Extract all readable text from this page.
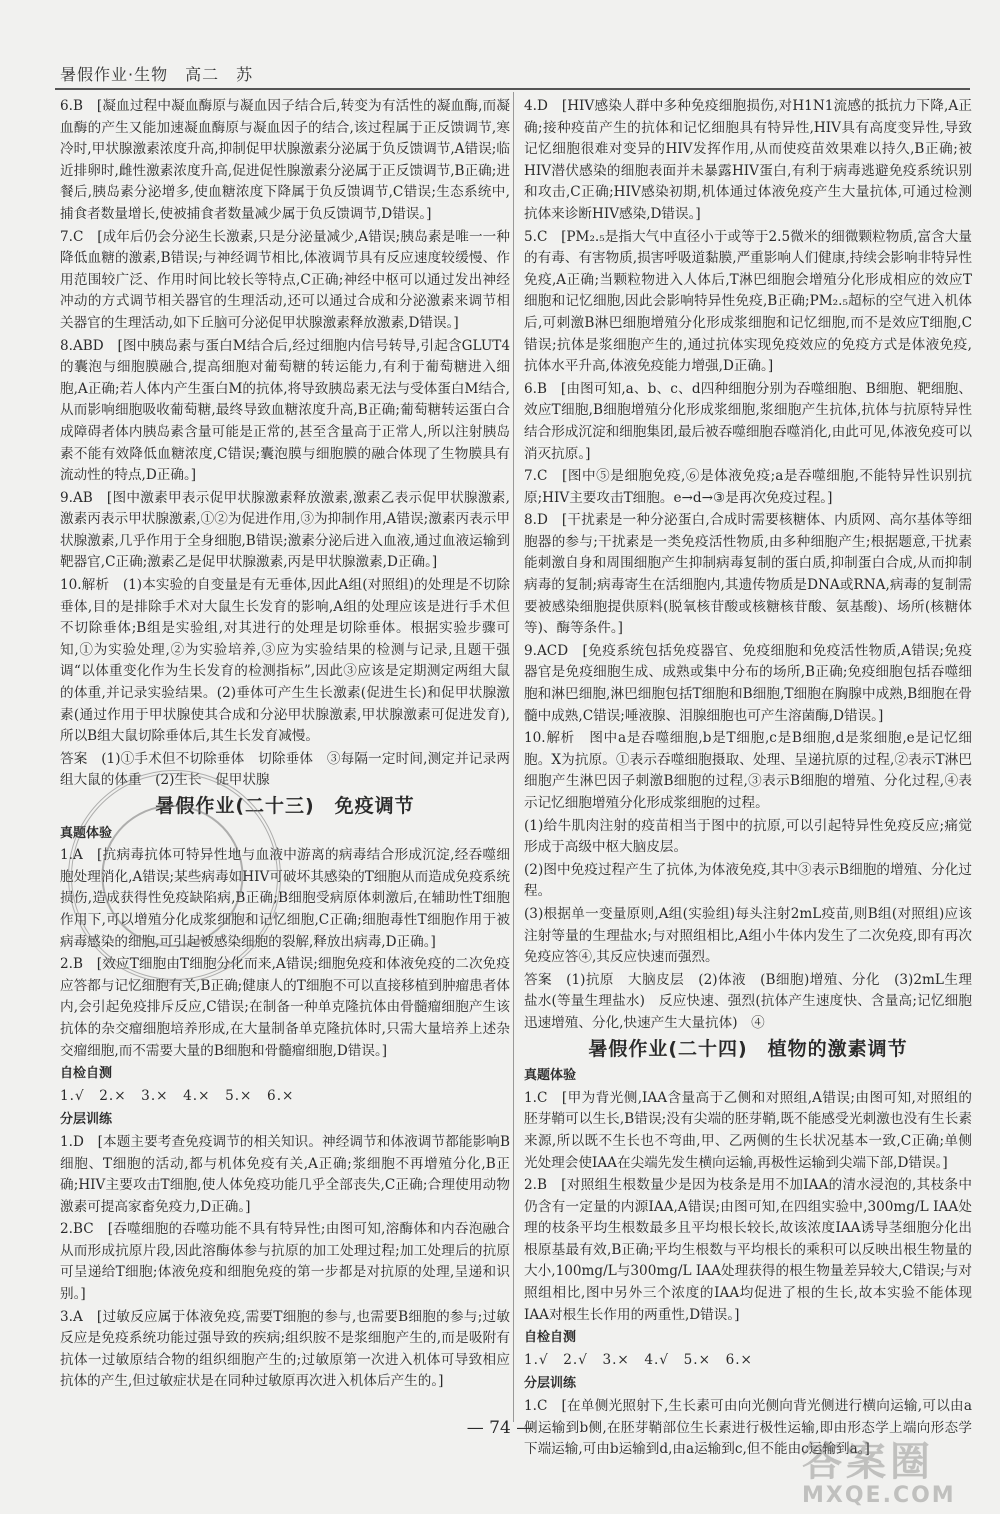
暑假作业·生物　高二　苏

6.B　[凝血过程中凝血酶原与凝血因子结合后,转变为有活性的凝血酶,而凝血酶的产生又能加速凝血酶原与凝血因子的结合,该过程属于正反馈调节,寒冷时,甲状腺激素浓度升高,抑制促甲状腺激素分泌属于负反馈调节,A错误;临近排卵时,雌性激素浓度升高,促进促性腺激素分泌属于正反馈调节,B正确;进餐后,胰岛素分泌增多,使血糖浓度下降属于负反馈调节,C错误;生态系统中,捕食者数量增长,使被捕食者数量减少属于负反馈调节,D错误。]

7.C　[成年后仍会分泌生长激素,只是分泌量减少,A错误;胰岛素是唯一一种降低血糖的激素,B错误;与神经调节相比,体液调节具有反应速度较缓慢、作用范围较广泛、作用时间比较长等特点,C正确;神经中枢可以通过发出神经冲动的方式调节相关器官的生理活动,还可以通过合成和分泌激素来调节相关器官的生理活动,如下丘脑可分泌促甲状腺激素释放激素,D错误。]

8.ABD　[图中胰岛素与蛋白M结合后,经过细胞内信号转导,引起含GLUT4的囊泡与细胞膜融合,提高细胞对葡萄糖的转运能力,有利于葡萄糖进入细胞,A正确;若人体内产生蛋白M的抗体,将导致胰岛素无法与受体蛋白M结合,从而影响细胞吸收葡萄糖,最终导致血糖浓度升高,B正确;葡萄糖转运蛋白合成障碍者体内胰岛素含量可能是正常的,甚至含量高于正常人,所以注射胰岛素不能有效降低血糖浓度,C错误;囊泡膜与细胞膜的融合体现了生物膜具有流动性的特点,D正确。]

9.AB　[图中激素甲表示促甲状腺激素释放激素,激素乙表示促甲状腺激素,激素丙表示甲状腺激素,①②为促进作用,③为抑制作用,A错误;激素丙表示甲状腺激素,几乎作用于全身细胞,B错误;激素分泌后进入血液,通过血液运输到靶器官,C正确;激素乙是促甲状腺激素,丙是甲状腺激素,D正确。]

10.解析　(1)本实验的自变量是有无垂体,因此A组(对照组)的处理是不切除垂体,目的是排除手术对大鼠生长发育的影响,A组的处理应该是进行手术但不切除垂体;B组是实验组,对其进行的处理是切除垂体。根据实验步骤可知,①为实验处理,②为实验培养,③应为实验结果的检测与记录,且题干强调“以体重变化作为生长发育的检测指标”,因此③应该是定期测定两组大鼠的体重,并记录实验结果。(2)垂体可产生生长激素(促进生长)和促甲状腺激素(通过作用于甲状腺使其合成和分泌甲状腺激素,甲状腺激素可促进发育),所以B组大鼠切除垂体后,其生长发育减慢。

答案　(1)①手术但不切除垂体　切除垂体　③每隔一定时间,测定并记录两组大鼠的体重　(2)生长　促甲状腺

暑假作业(二十三)　免疫调节
真题体验

1.A　[抗病毒抗体可特异性地与血液中游离的病毒结合形成沉淀,经吞噬细胞处理消化,A错误;某些病毒如HIV可破坏其感染的T细胞从而造成免疫系统损伤,造成获得性免疫缺陷病,B正确;B细胞受病原体刺激后,在辅助性T细胞作用下,可以增殖分化成浆细胞和记忆细胞,C正确;细胞毒性T细胞作用于被病毒感染的细胞,可引起被感染细胞的裂解,释放出病毒,D正确。]

2.B　[效应T细胞由T细胞分化而来,A错误;细胞免疫和体液免疫的二次免疫应答都与记忆细胞有关,B正确;健康人的T细胞不可以直接移植到肿瘤患者体内,会引起免疫排斥反应,C错误;在制备一种单克隆抗体由骨髓瘤细胞产生该抗体的杂交瘤细胞培养形成,在大量制备单克隆抗体时,只需大量培养上述杂交瘤细胞,而不需要大量的B细胞和骨髓瘤细胞,D错误。]

自检自测
1.√　2.×　3.×　4.×　5.×　6.×
分层训练

1.D　[本题主要考查免疫调节的相关知识。神经调节和体液调节都能影响B细胞、T细胞的活动,都与机体免疫有关,A正确;浆细胞不再增殖分化,B正确;HIV主要攻击T细胞,使人体免疫功能几乎全部丧失,C正确;合理使用动物激素可提高家畜免疫力,D正确。]

2.BC　[吞噬细胞的吞噬功能不具有特异性;由图可知,溶酶体和内吞泡融合从而形成抗原片段,因此溶酶体参与抗原的加工处理过程;加工处理后的抗原可呈递给T细胞;体液免疫和细胞免疫的第一步都是对抗原的处理,呈递和识别。]

3.A　[过敏反应属于体液免疫,需要T细胞的参与,也需要B细胞的参与;过敏反应是免疫系统功能过强导致的疾病;组织胺不是浆细胞产生的,而是吸附有抗体一过敏原结合物的组织细胞产生的;过敏原第一次进入机体可导致相应抗体的产生,但过敏症状是在同种过敏原再次进入机体后产生的。]

4.D　[HIV感染人群中多种免疫细胞损伤,对H1N1流感的抵抗力下降,A正确;接种疫苗产生的抗体和记忆细胞具有特异性,HIV具有高度变异性,导致记忆细胞很难对变异的HIV发挥作用,从而使疫苗效果难以持久,B正确;被HIV潜伏感染的细胞表面并未暴露HIV蛋白,有利于病毒逃避免疫系统识别和攻击,C正确;HIV感染初期,机体通过体液免疫产生大量抗体,可通过检测抗体来诊断HIV感染,D错误。]

5.C　[PM₂.₅是指大气中直径小于或等于2.5微米的细微颗粒物质,富含大量的有毒、有害物质,损害呼吸道黏膜,严重影响人们健康,持续会影响非特异性免疫,A正确;当颗粒物进入人体后,T淋巴细胞会增殖分化形成相应的效应T细胞和记忆细胞,因此会影响特异性免疫,B正确;PM₂.₅超标的空气进入机体后,可刺激B淋巴细胞增殖分化形成浆细胞和记忆细胞,而不是效应T细胞,C错误;抗体是浆细胞产生的,通过抗体实现免疫效应的免疫方式是体液免疫,抗体水平升高,体液免疫能力增强,D正确。]

6.B　[由图可知,a、b、c、d四种细胞分别为吞噬细胞、B细胞、靶细胞、效应T细胞,B细胞增殖分化形成浆细胞,浆细胞产生抗体,抗体与抗原特异性结合形成沉淀和细胞集团,最后被吞噬细胞吞噬消化,由此可见,体液免疫可以消灭抗原。]

7.C　[图中⑤是细胞免疫,⑥是体液免疫;a是吞噬细胞,不能特异性识别抗原;HIV主要攻击T细胞。e→d→③是再次免疫过程。]

8.D　[干扰素是一种分泌蛋白,合成时需要核糖体、内质网、高尔基体等细胞器的参与;干扰素是一类免疫活性物质,由多种细胞产生;根据题意,干扰素能刺激自身和周围细胞产生抑制病毒复制的蛋白质,抑制蛋白合成,从而抑制病毒的复制;病毒寄生在活细胞内,其遗传物质是DNA或RNA,病毒的复制需要被感染细胞提供原料(脱氧核苷酸或核糖核苷酸、氨基酸)、场所(核糖体等)、酶等条件。]

9.ACD　[免疫系统包括免疫器官、免疫细胞和免疫活性物质,A错误;免疫器官是免疫细胞生成、成熟或集中分布的场所,B正确;免疫细胞包括吞噬细胞和淋巴细胞,淋巴细胞包括T细胞和B细胞,T细胞在胸腺中成熟,B细胞在骨髓中成熟,C错误;唾液腺、泪腺细胞也可产生溶菌酶,D错误。]

10.解析　图中a是吞噬细胞,b是T细胞,c是B细胞,d是浆细胞,e是记忆细胞。X为抗原。①表示吞噬细胞摄取、处理、呈递抗原的过程,②表示T淋巴细胞产生淋巴因子刺激B细胞的过程,③表示B细胞的增殖、分化过程,④表示记忆细胞增殖分化形成浆细胞的过程。

(1)给牛肌肉注射的疫苗相当于图中的抗原,可以引起特异性免疫反应;痛觉形成于高级中枢大脑皮层。

(2)图中免疫过程产生了抗体,为体液免疫,其中③表示B细胞的增殖、分化过程。

(3)根据单一变量原则,A组(实验组)每头注射2mL疫苗,则B组(对照组)应该注射等量的生理盐水;与对照组相比,A组小牛体内发生了二次免疫,即有再次免疫应答④,其反应快速而强烈。

答案　(1)抗原　大脑皮层　(2)体液　(B细胞)增殖、分化　(3)2mL生理盐水(等量生理盐水)　反应快速、强烈(抗体产生速度快、含量高;记忆细胞迅速增殖、分化,快速产生大量抗体)　④

暑假作业(二十四)　植物的激素调节
真题体验

1.C　[甲为背光侧,IAA含量高于乙侧和对照组,A错误;由图可知,对照组的胚芽鞘可以生长,B错误;没有尖端的胚芽鞘,既不能感受光刺激也没有生长素来源,所以既不生长也不弯曲,甲、乙两侧的生长状况基本一致,C正确;单侧光处理会使IAA在尖端先发生横向运输,再极性运输到尖端下部,D错误。]

2.B　[对照组生根数量少是因为枝条是用不加IAA的清水浸泡的,其枝条中仍含有一定量的内源IAA,A错误;由图可知,在四组实验中,300mg/L IAA处理的枝条平均生根数最多且平均根长较长,故该浓度IAA诱导茎细胞分化出根原基最有效,B正确;平均生根数与平均根长的乘积可以反映出根生物量的大小,100mg/L与300mg/L IAA处理获得的根生物量差异较大,C错误;与对照组相比,图中另外三个浓度的IAA均促进了根的生长,故本实验不能体现IAA对根生长作用的两重性,D错误。]

自检自测
1.√　2.√　3.×　4.√　5.×　6.×
分层训练

1.C　[在单侧光照射下,生长素可由向光侧向背光侧进行横向运输,可以由a侧运输到b侧,在胚芽鞘部位生长素进行极性运输,即由形态学上端向形态学下端运输,可由b运输到d,由a运输到c,但不能由c运输到a。]

— 74 —
答案圈
MXQE.COM
